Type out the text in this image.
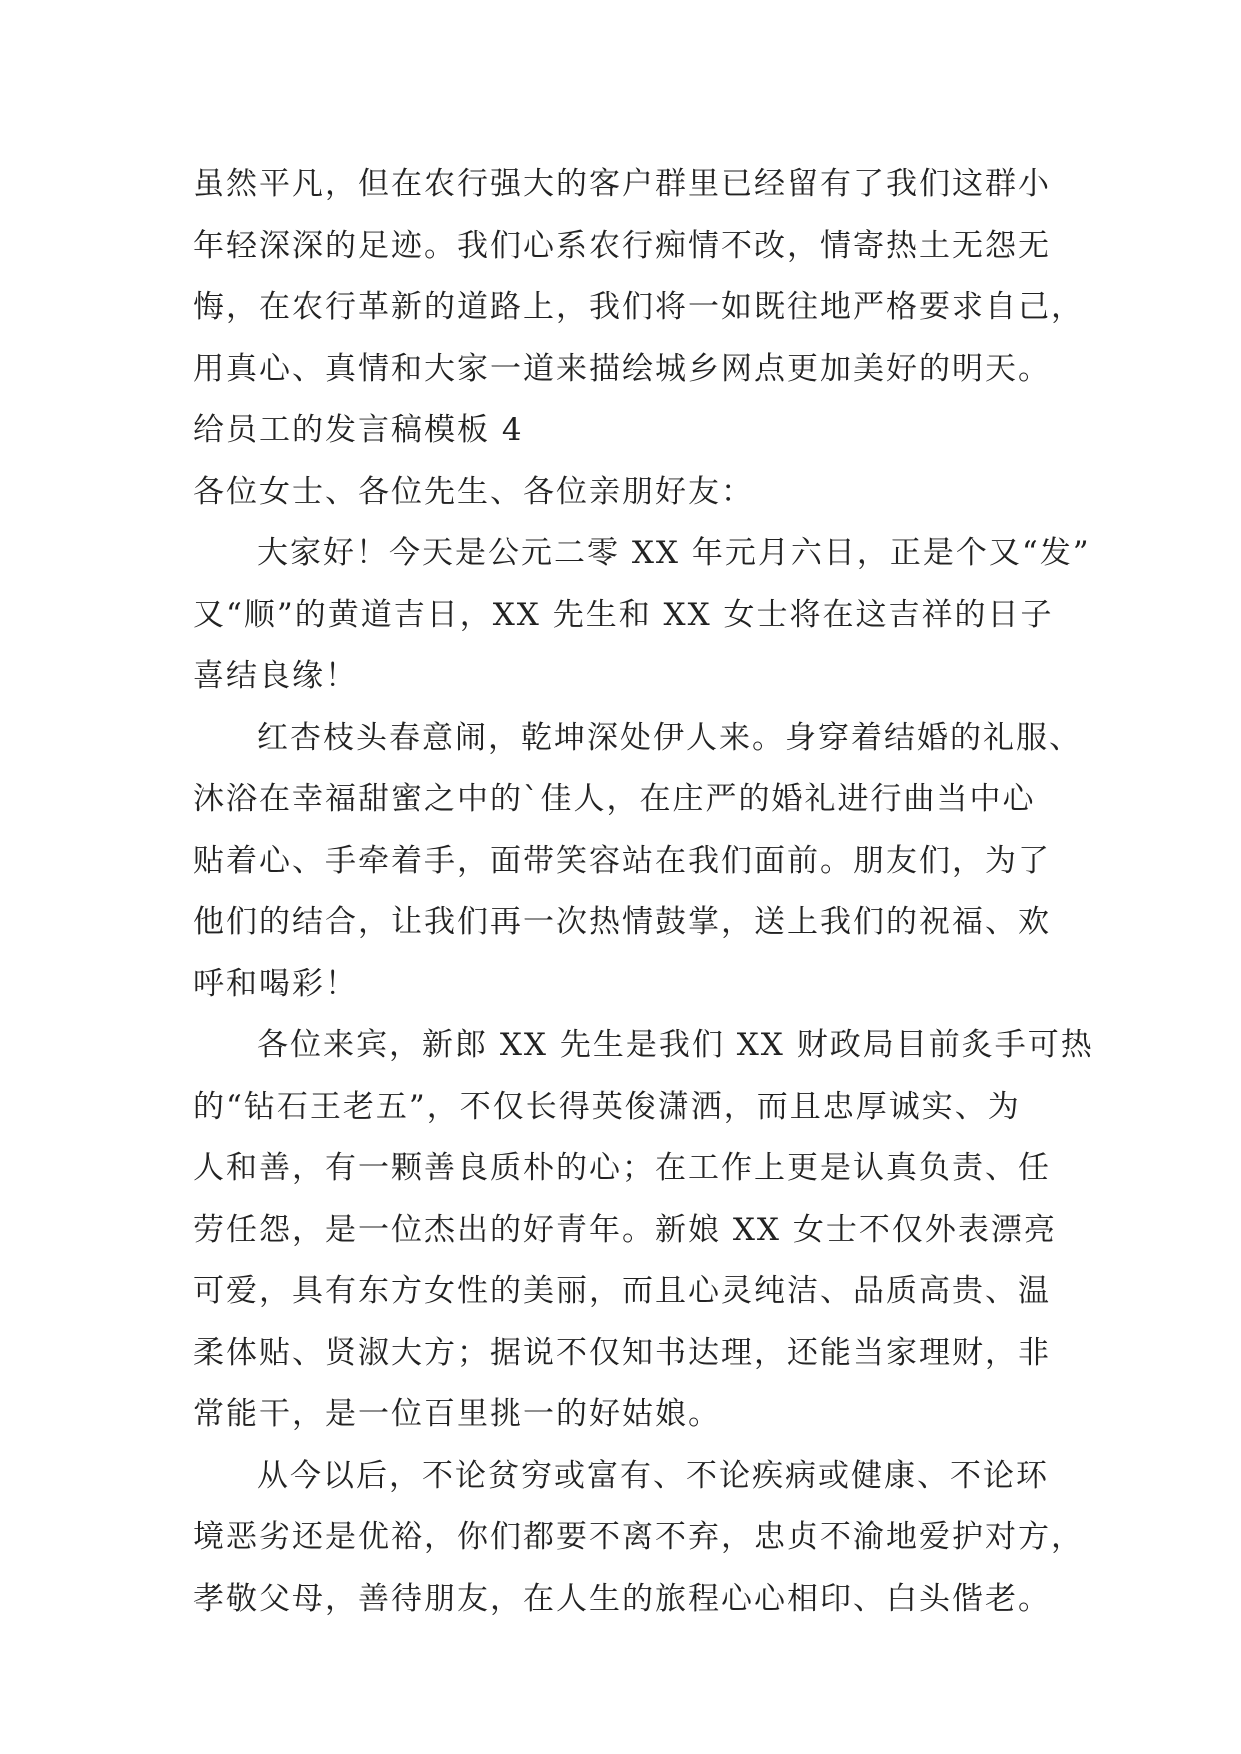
虽然平凡，但在农行强大的客户群里已经留有了我们这群小
年轻深深的足迹。我们心系农行痴情不改，情寄热土无怨无
悔，在农行革新的道路上，我们将一如既往地严格要求自己，
用真心、真情和大家一道来描绘城乡网点更加美好的明天。
给员工的发言稿模板 4
各位女士、各位先生、各位亲朋好友：
大家好！今天是公元二零 XX 年元月六日，正是个又“发”
又“顺”的黄道吉日，XX 先生和 XX 女士将在这吉祥的日子
喜结良缘！
红杏枝头春意闹，乾坤深处伊人来。身穿着结婚的礼服、
沐浴在幸福甜蜜之中的`佳人，在庄严的婚礼进行曲当中心
贴着心、手牵着手，面带笑容站在我们面前。朋友们，为了
他们的结合，让我们再一次热情鼓掌，送上我们的祝福、欢
呼和喝彩！
各位来宾，新郎 XX 先生是我们 XX 财政局目前炙手可热
的“钻石王老五”，不仅长得英俊潇洒，而且忠厚诚实、为
人和善，有一颗善良质朴的心；在工作上更是认真负责、任
劳任怨，是一位杰出的好青年。新娘 XX 女士不仅外表漂亮
可爱，具有东方女性的美丽，而且心灵纯洁、品质高贵、温
柔体贴、贤淑大方；据说不仅知书达理，还能当家理财，非
常能干，是一位百里挑一的好姑娘。
从今以后，不论贫穷或富有、不论疾病或健康、不论环
境恶劣还是优裕，你们都要不离不弃，忠贞不渝地爱护对方，
孝敬父母，善待朋友，在人生的旅程心心相印、白头偕老。
